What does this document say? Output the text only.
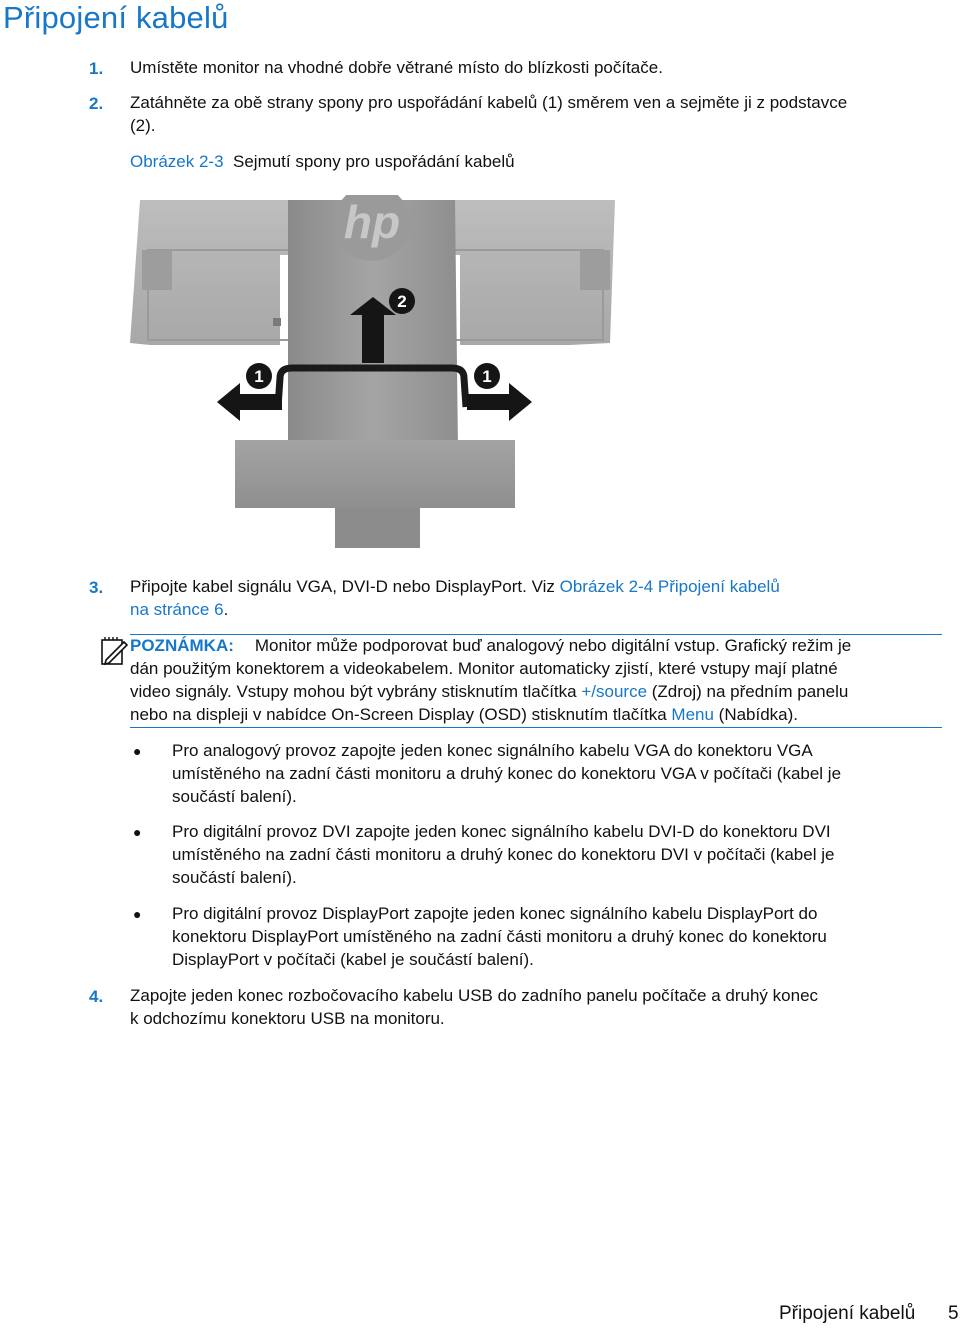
Připojení kabelů
1. Umístěte monitor na vhodné dobře větrané místo do blízkosti počítače.
2. Zatáhněte za obě strany spony pro uspořádání kabelů (1) směrem ven a sejměte ji z podstavce
(2).
Obrázek 2-3 Sejmutí spony pro uspořádání kabelů
hp
2
1	1
3. Připojte kabel signálu VGA, DVI-D nebo DisplayPort. Viz Obrázek 2-4 Připojení kabelů
na stránce 6.
POZNÁMKA: Monitor může podporovat buď analogový nebo digitální vstup. Grafický režim je
dán použitým konektorem a videokabelem. Monitor automaticky zjistí, které vstupy mají platné
video signály. Vstupy mohou být vybrány stisknutím tlačítka +/source (Zdroj) na předním panelu
nebo na displeji v nabídce On-Screen Display (OSD) stisknutím tlačítka Menu (Nabídka).
● Pro analogový provoz zapojte jeden konec signálního kabelu VGA do konektoru VGA
umístěného na zadní části monitoru a druhý konec do konektoru VGA v počítači (kabel je
součástí balení).
● Pro digitální provoz DVI zapojte jeden konec signálního kabelu DVI-D do konektoru DVI
umístěného na zadní části monitoru a druhý konec do konektoru DVI v počítači (kabel je
součástí balení).
● Pro digitální provoz DisplayPort zapojte jeden konec signálního kabelu DisplayPort do
konektoru DisplayPort umístěného na zadní části monitoru a druhý konec do konektoru
DisplayPort v počítači (kabel je součástí balení).
4. Zapojte jeden konec rozbočovacího kabelu USB do zadního panelu počítače a druhý konec
k odchozímu konektoru USB na monitoru.
Připojení kabelů 5
